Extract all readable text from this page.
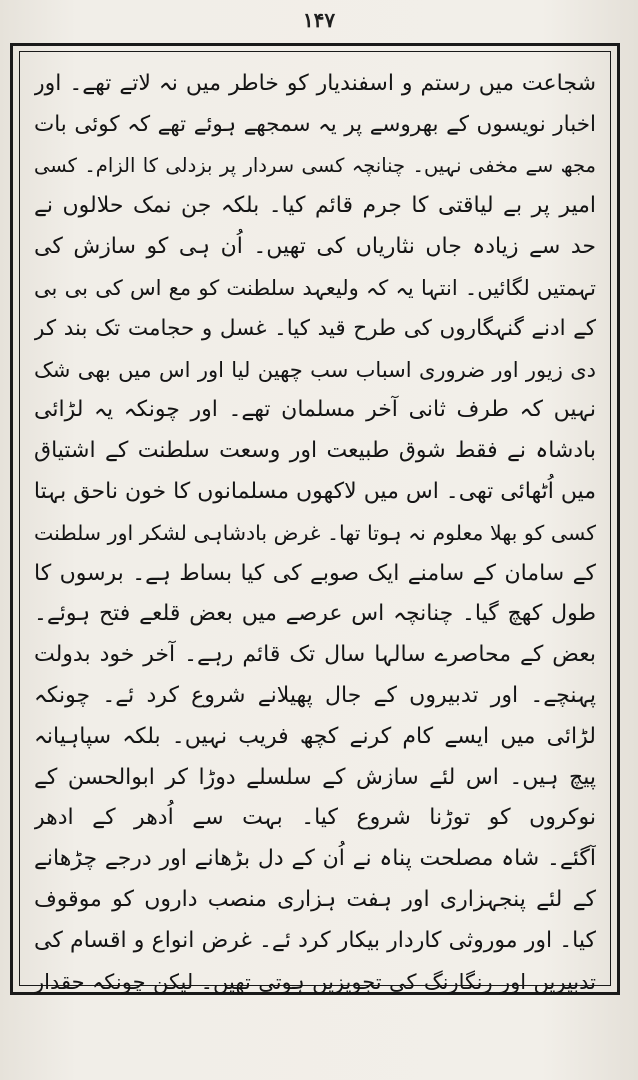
۱۴۷
شجاعت میں رستم و اسفندیار کو خاطر میں نہ لاتے تھے۔ اور
اخبار نویسوں کے بھروسے پر یہ سمجھے ہوئے تھے کہ کوئی بات
مجھ سے مخفی نہیں۔ چنانچہ کسی سردار پر بزدلی کا الزام۔ کسی
امیر پر بے لیاقتی کا جرم قائم کیا۔ بلکہ جن نمک حلالوں نے
حد سے زیادہ جاں نثاریاں کی تھیں۔ اُن ہی کو سازش کی
تہمتیں لگائیں۔ انتہا یہ کہ ولیعہد سلطنت کو مع اس کی بی بی
کے ادنے گنہگاروں کی طرح قید کیا۔ غسل و حجامت تک بند کر
دی زیور اور ضروری اسباب سب چھین لیا اور اس میں بھی شک
نہیں کہ طرف ثانی آخر مسلمان تھے۔ اور چونکہ یہ لڑائی
بادشاہ نے فقط شوق طبیعت اور وسعت سلطنت کے اشتیاق
میں اُٹھائی تھی۔ اس میں لاکھوں مسلمانوں کا خون ناحق بہتا
کسی کو بھلا معلوم نہ ہوتا تھا۔ غرض بادشاہی لشکر اور سلطنت
کے سامان کے سامنے ایک صوبے کی کیا بساط ہے۔ برسوں کا
طول کھچ گیا۔ چنانچہ اس عرصے میں بعض قلعے فتح ہوئے۔
بعض کے محاصرے سالہا سال تک قائم رہے۔ آخر خود بدولت
پہنچے۔ اور تدبیروں کے جال پھیلانے شروع کرد ئے۔ چونکہ
لڑائی میں ایسے کام کرنے کچھ فریب نہیں۔ بلکہ سپاہیانہ
پیچ ہیں۔ اس لئے سازش کے سلسلے دوڑا کر ابوالحسن کے
نوکروں کو توڑنا شروع کیا۔ بہت سے اُدھر کے ادھر
آگئے۔ شاہ مصلحت پناہ نے اُن کے دل بڑھانے اور درجے چڑھانے
کے لئے پنجہزاری اور ہفت ہزاری منصب داروں کو موقوف
کیا۔ اور موروثی کاردار بیکار کرد ئے۔ غرض انواع و اقسام کی
تدبیریں اور رنگارنگ کی تجویزیں ہوتی تھیں۔ لیکن چونکہ حقدار
